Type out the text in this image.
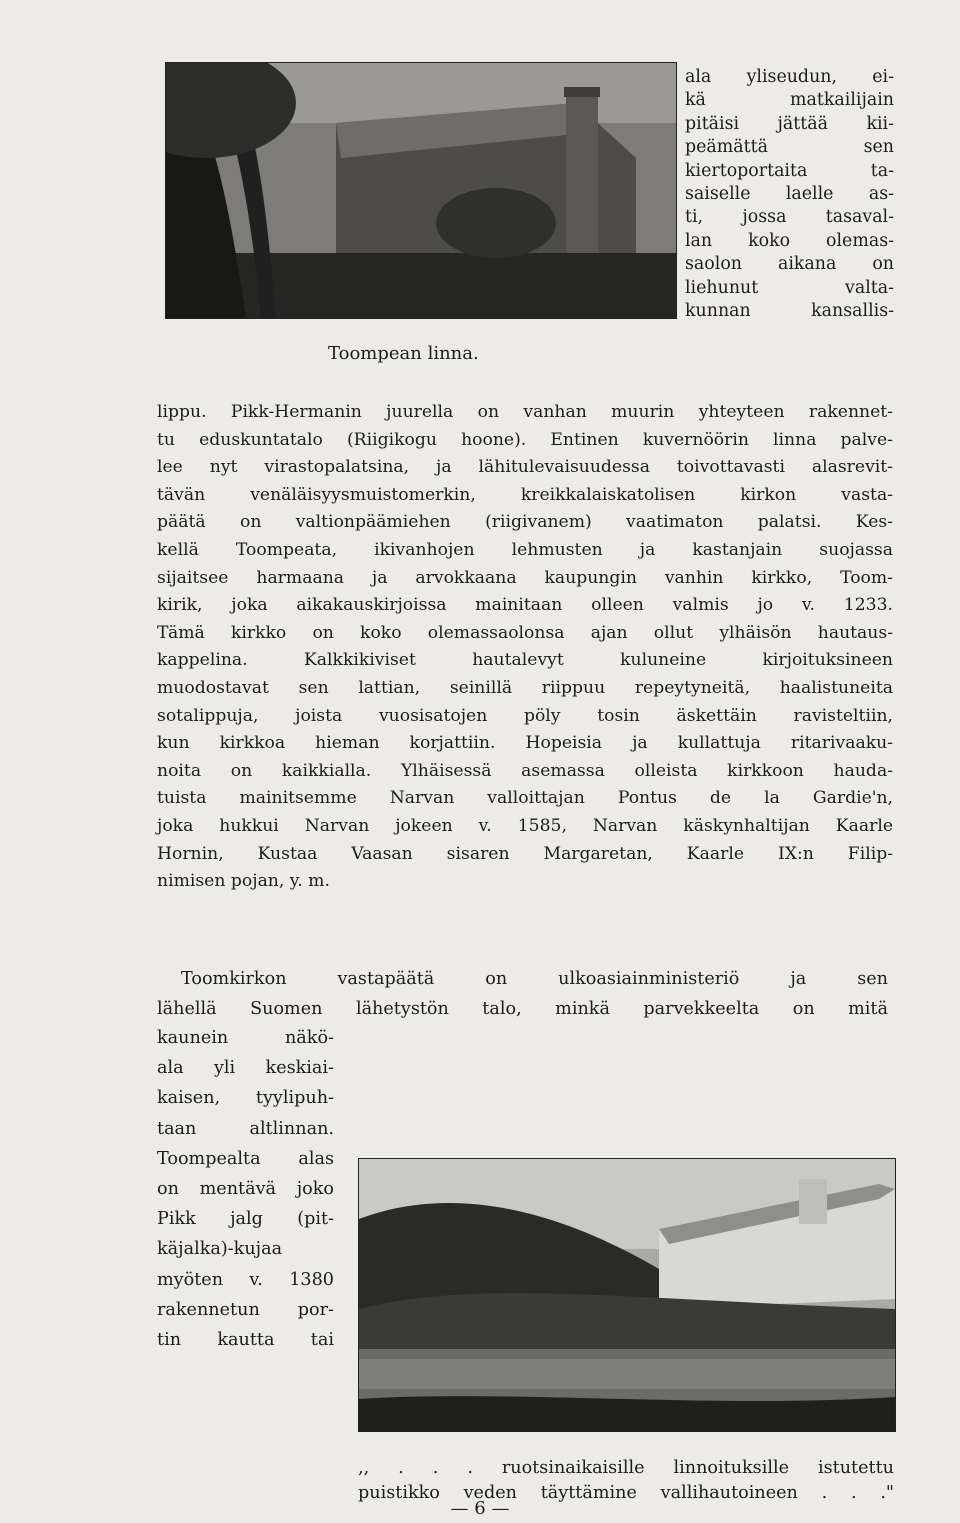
Toompean linna.
ala yliseudun, ei-
kä matkailijain
pitäisi jättää kii-
peämättä sen
kiertoportaita ta-
saiselle laelle as-
ti, jossa tasaval-
lan koko olemas-
saolon aikana on
liehunut valta-
kunnan kansallis-
lippu. Pikk-Hermanin juurella on vanhan muurin yhteyteen rakennet-
tu eduskuntatalo (Riigikogu hoone). Entinen kuvernöörin linna palve-
lee nyt virastopalatsina, ja lähitulevaisuudessa toivottavasti alasrevit-
tävän venäläisyysmuistomerkin, kreikkalaiskatolisen kirkon vasta-
päätä on valtionpäämiehen (riigivanem) vaatimaton palatsi. Kes-
kellä Toompeata, ikivanhojen lehmusten ja kastanjain suojassa
sijaitsee harmaana ja arvokkaana kaupungin vanhin kirkko, Toom-
kirik, joka aikakauskirjoissa mainitaan olleen valmis jo v. 1233.
Tämä kirkko on koko olemassaolonsa ajan ollut ylhäisön hautaus-
kappelina. Kalkkikiviset hautalevyt kuluneine kirjoituksineen
muodostavat sen lattian, seinillä riippuu repeytyneitä, haalistuneita
sotalippuja, joista vuosisatojen pöly tosin äskettäin ravisteltiin,
kun kirkkoa hieman korjattiin. Hopeisia ja kullattuja ritarivaaku-
noita on kaikkialla. Ylhäisessä asemassa olleista kirkkoon hauda-
tuista mainitsemme Narvan valloittajan Pontus de la Gardie'n,
joka hukkui Narvan jokeen v. 1585, Narvan käskynhaltijan Kaarle
Hornin, Kustaa Vaasan sisaren Margaretan, Kaarle IX:n Filip-
nimisen pojan, y. m.
Toomkirkon vastapäätä on ulkoasiainministeriö ja sen
lähellä Suomen lähetystön talo, minkä parvekkeelta on mitä
kaunein näkö-
ala yli keskiai-
kaisen, tyylipuh-
taan altlinnan.
Toompealta alas
on mentävä joko
Pikk jalg (pit-
käjalka)-kujaa
myöten v. 1380
rakennetun por-
tin kautta tai
,, . . . ruotsinaikaisille linnoituksille istutettu
puistikko veden täyttämine vallihautoineen . . ."
— 6 —
